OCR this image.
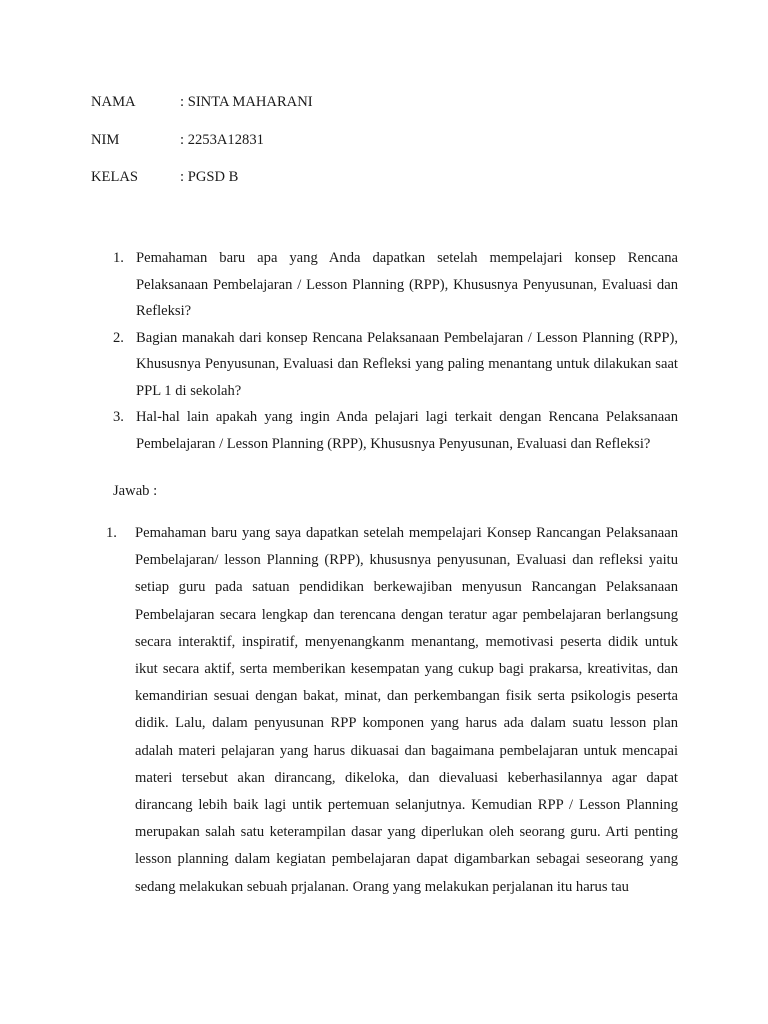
NAMA	: SINTA MAHARANI
NIM	: 2253A12831
KELAS	: PGSD B
1. Pemahaman baru apa yang Anda dapatkan setelah mempelajari konsep Rencana Pelaksanaan Pembelajaran / Lesson Planning (RPP), Khususnya Penyusunan, Evaluasi dan Refleksi?
2. Bagian manakah dari konsep Rencana Pelaksanaan Pembelajaran / Lesson Planning (RPP), Khususnya Penyusunan, Evaluasi dan Refleksi yang paling menantang untuk dilakukan saat PPL 1 di sekolah?
3. Hal-hal lain apakah yang ingin Anda pelajari lagi terkait dengan Rencana Pelaksanaan Pembelajaran / Lesson Planning (RPP), Khususnya Penyusunan, Evaluasi dan Refleksi?
Jawab :
1. Pemahaman baru yang saya dapatkan setelah mempelajari Konsep Rancangan Pelaksanaan Pembelajaran/ lesson Planning (RPP), khususnya penyusunan, Evaluasi dan refleksi yaitu setiap guru pada satuan pendidikan berkewajiban menyusun Rancangan Pelaksanaan Pembelajaran secara lengkap dan terencana dengan teratur agar pembelajaran berlangsung secara interaktif, inspiratif, menyenangkanm menantang, memotivasi peserta didik untuk ikut secara aktif, serta memberikan kesempatan yang cukup bagi prakarsa, kreativitas, dan kemandirian sesuai dengan bakat, minat, dan perkembangan fisik serta psikologis peserta didik. Lalu, dalam penyusunan RPP komponen yang harus ada dalam suatu lesson plan adalah materi pelajaran yang harus dikuasai dan bagaimana pembelajaran untuk mencapai materi tersebut akan dirancang, dikeloka, dan dievaluasi keberhasilannya agar dapat dirancang lebih baik lagi untik pertemuan selanjutnya. Kemudian RPP / Lesson Planning merupakan salah satu keterampilan dasar yang diperlukan oleh seorang guru. Arti penting lesson planning dalam kegiatan pembelajaran dapat digambarkan sebagai seseorang yang sedang melakukan sebuah prjalanan. Orang yang melakukan perjalanan itu harus tau
